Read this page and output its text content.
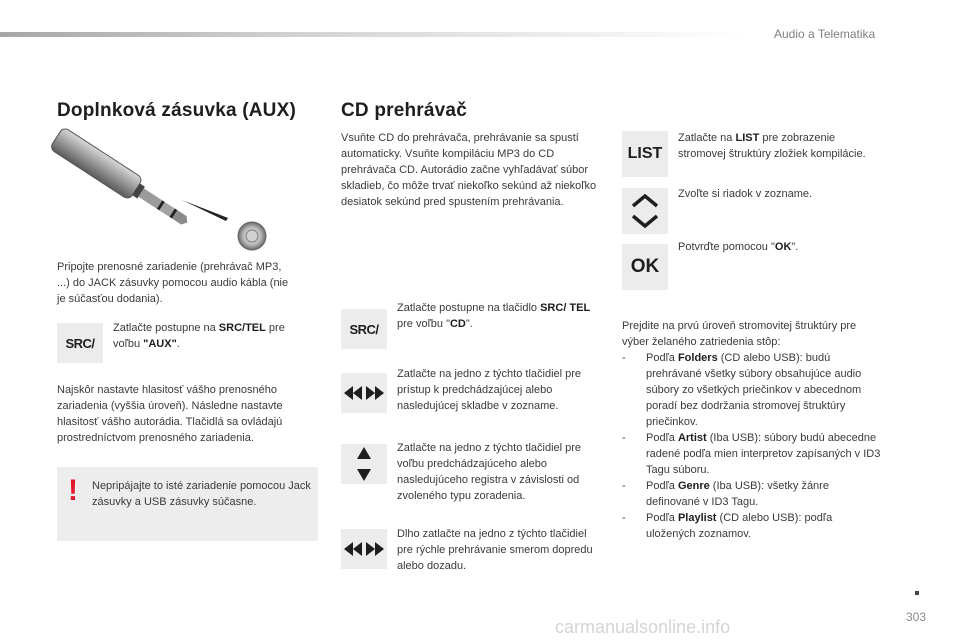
Audio a Telematika
Doplnková zásuvka (AUX)
Pripojte prenosné zariadenie (prehrávač MP3, ...) do JACK zásuvky pomocou audio kábla (nie je súčasťou dodania).
SRC/
Zatlačte postupne na SRC/TEL pre voľbu "AUX".
Najskôr nastavte hlasitosť vášho prenosného zariadenia (vyššia úroveň). Následne nastavte hlasitosť vášho autorádia. Tlačidlá sa ovládajú prostredníctvom prenosného zariadenia.
! Nepripájajte to isté zariadenie pomocou Jack zásuvky a USB zásuvky súčasne.
CD prehrávač
Vsuňte CD do prehrávača, prehrávanie sa spustí automaticky. Vsuňte kompiláciu MP3 do CD prehrávača CD. Autorádio začne vyhľadávať súbor skladieb, čo môže trvať niekoľko sekúnd až niekoľko desiatok sekúnd pred spustením prehrávania.
SRC/
Zatlačte postupne na tlačidlo SRC/ TEL pre voľbu "CD".
Zatlačte na jedno z týchto tlačidiel pre prístup k predchádzajúcej alebo nasledujúcej skladbe v zozname.
Zatlačte na jedno z týchto tlačidiel pre voľbu predchádzajúceho alebo nasledujúceho registra v závislosti od zvoleného typu zoradenia.
Dlho zatlačte na jedno z týchto tlačidiel pre rýchle prehrávanie smerom dopredu alebo dozadu.
LIST
Zatlačte na LIST pre zobrazenie stromovej štruktúry zložiek kompilácie.
Zvoľte si riadok v zozname.
OK
Potvrďte pomocou "OK".
Prejdite na prvú úroveň stromovitej štruktúry pre výber želaného zatriedenia stôp:
- Podľa Folders (CD alebo USB): budú prehrávané všetky súbory obsahujúce audio súbory zo všetkých priečinkov v abecednom poradí bez dodržania stromovej štruktúry priečinkov.
- Podľa Artist (Iba USB): súbory budú abecedne radené podľa mien interpretov zapísaných v ID3 Tagu súboru.
- Podľa Genre (Iba USB): všetky žánre definované v ID3 Tagu.
- Podľa Playlist (CD alebo USB): podľa uložených zoznamov.
303
carmanualsonline.info
